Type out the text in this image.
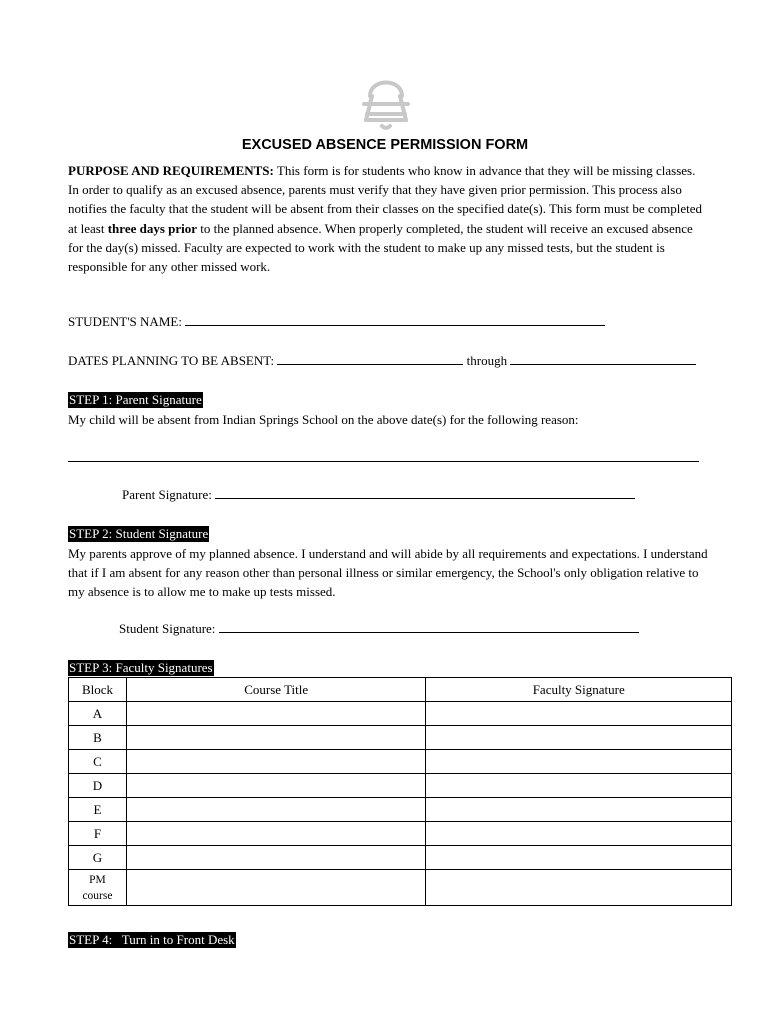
EXCUSED ABSENCE PERMISSION FORM
PURPOSE AND REQUIREMENTS: This form is for students who know in advance that they will be missing classes. In order to qualify as an excused absence, parents must verify that they have given prior permission. This process also notifies the faculty that the student will be absent from their classes on the specified date(s). This form must be completed at least three days prior to the planned absence. When properly completed, the student will receive an excused absence for the day(s) missed. Faculty are expected to work with the student to make up any missed tests, but the student is responsible for any other missed work.
STUDENT'S NAME:
DATES PLANNING TO BE ABSENT:	through
STEP 1: Parent Signature
My child will be absent from Indian Springs School on the above date(s) for the following reason:
Parent Signature:
STEP 2: Student Signature
My parents approve of my planned absence. I understand and will abide by all requirements and expectations. I understand that if I am absent for any reason other than personal illness or similar emergency, the School's only obligation relative to my absence is to allow me to make up tests missed.
Student Signature:
STEP 3: Faculty Signatures
Block	Course Title	Faculty Signature
A		
B		
C		
D		
E		
F		
G		

PM
course		

STEP 4:   Turn in to Front Desk
